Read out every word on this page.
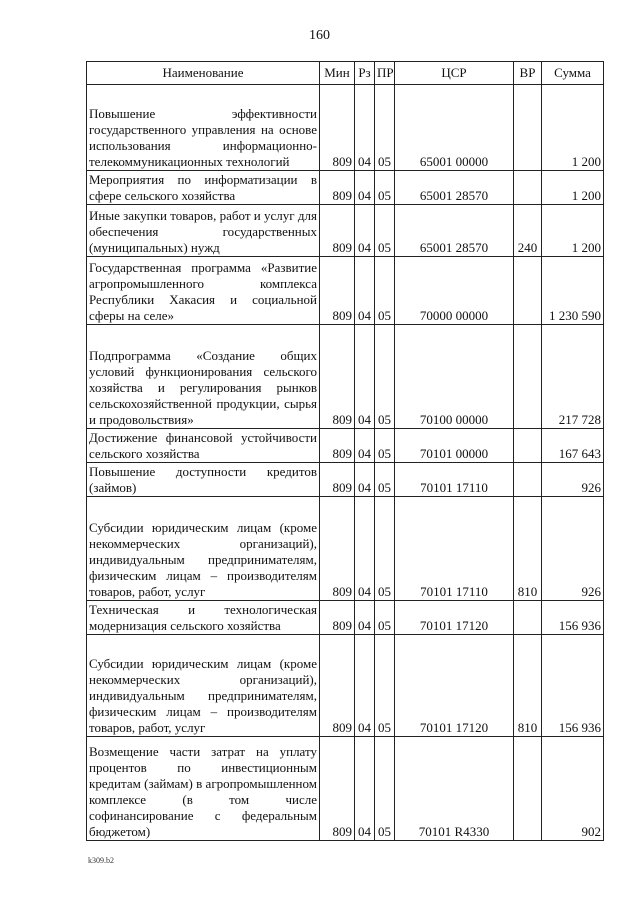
160
Наименование	Мин	Рз	ПР	ЦСР	ВР	Сумма
Повышение эффективности государственного управления на основе использования информационно-телекоммуникационных технологий	809	04	05	65001 00000		1 200
Мероприятия по информатизации в сфере сельского хозяйства	809	04	05	65001 28570		1 200
Иные закупки товаров, работ и услуг для обеспечения государственных (муниципальных) нужд	809	04	05	65001 28570	240	1 200
Государственная программа «Развитие агропромышленного комплекса Республики Хакасия и социальной сферы на селе»	809	04	05	70000 00000		1 230 590
Подпрограмма «Создание общих условий функционирования сельского хозяйства и регулирования рынков сельскохозяйственной продукции, сырья и продовольствия»	809	04	05	70100 00000		217 728
Достижение финансовой устойчивости сельского хозяйства	809	04	05	70101 00000		167 643
Повышение доступности кредитов (займов)	809	04	05	70101 17110		926
Субсидии юридическим лицам (кроме некоммерческих организаций), индивидуальным предпринимателям, физическим лицам – производителям товаров, работ, услуг	809	04	05	70101 17110	810	926
Техническая и технологическая модернизация сельского хозяйства	809	04	05	70101 17120		156 936
Субсидии юридическим лицам (кроме некоммерческих организаций), индивидуальным предпринимателям, физическим лицам – производителям товаров, работ, услуг	809	04	05	70101 17120	810	156 936
Возмещение части затрат на уплату процентов по инвестиционным кредитам (займам) в агропромышленном комплексе (в том числе софинансирование с федеральным бюджетом)	809	04	05	70101 R4330		902
k309.b2
